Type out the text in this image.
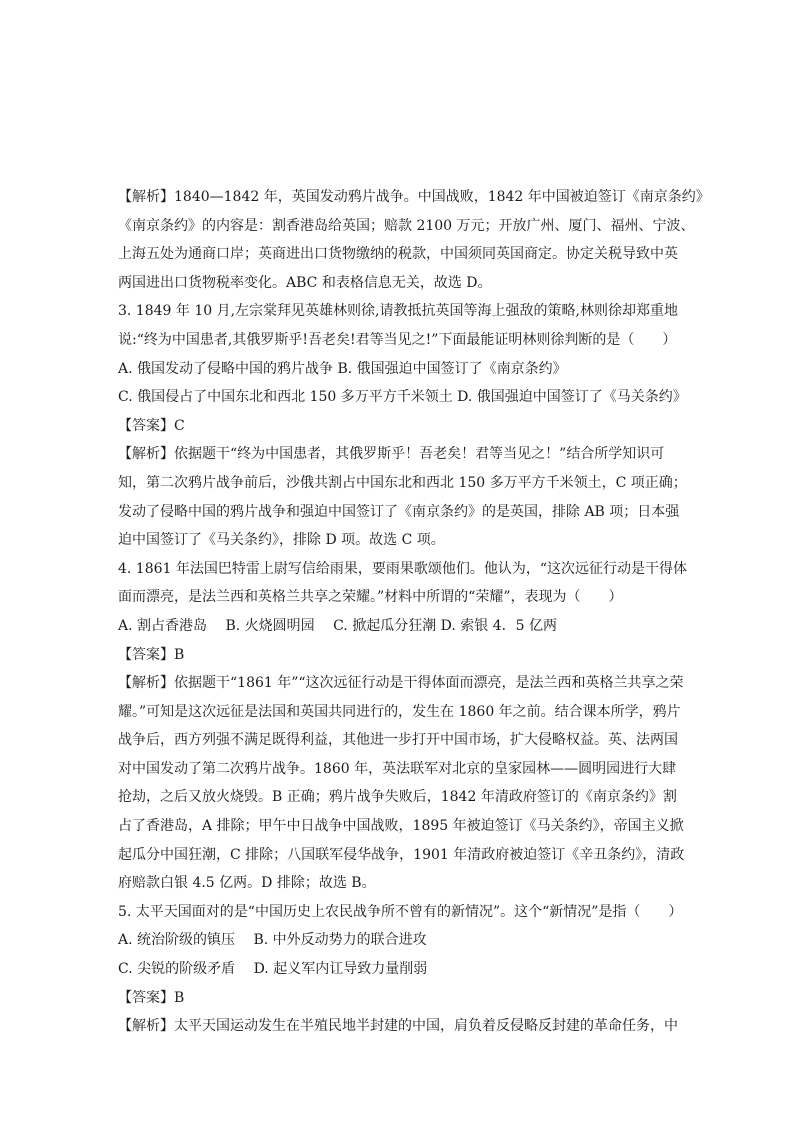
【解析】1840—1842 年，英国发动鸦片战争。中国战败，1842 年中国被迫签订《南京条约》
《南京条约》的内容是：割香港岛给英国；赔款 2100 万元；开放广州、厦门、福州、宁波、
上海五处为通商口岸；英商进出口货物缴纳的税款，中国须同英国商定。协定关税导致中英
两国进出口货物税率变化。ABC 和表格信息无关，故选 D。
3. 1849 年 10 月,左宗棠拜见英雄林则徐,请教抵抗英国等海上强敌的策略,林则徐却郑重地
说:“终为中国患者,其俄罗斯乎!吾老矣!君等当见之!”下面最能证明林则徐判断的是（　　）
A. 俄国发动了侵略中国的鸦片战争 B. 俄国强迫中国签订了《南京条约》
C. 俄国侵占了中国东北和西北 150 多万平方千米领土 D. 俄国强迫中国签订了《马关条约》
【答案】C
【解析】依据题干“终为中国患者，其俄罗斯乎！吾老矣！君等当见之！”结合所学知识可
知，第二次鸦片战争前后，沙俄共割占中国东北和西北 150 多万平方千米领土，C 项正确；
发动了侵略中国的鸦片战争和强迫中国签订了《南京条约》的是英国，排除 AB 项；日本强
迫中国签订了《马关条约》，排除 D 项。故选 C 项。
4. 1861 年法国巴特雷上尉写信给雨果，要雨果歌颂他们。他认为，“这次远征行动是干得体
面而漂亮，是法兰西和英格兰共享之荣耀。”材料中所谓的“荣耀”，表现为（　　）
A. 割占香港岛　 B. 火烧圆明园　 C. 掀起瓜分狂潮 D. 索银 4．5 亿两
【答案】B
【解析】依据题干“1861 年”“这次远征行动是干得体面而漂亮，是法兰西和英格兰共享之荣
耀。”可知是这次远征是法国和英国共同进行的，发生在 1860 年之前。结合课本所学，鸦片
战争后，西方列强不满足既得利益，其他进一步打开中国市场，扩大侵略权益。英、法两国
对中国发动了第二次鸦片战争。1860 年，英法联军对北京的皇家园林——圆明园进行大肆
抢劫，之后又放火烧毁。B 正确；鸦片战争失败后，1842 年清政府签订的《南京条约》割
占了香港岛，A 排除；甲午中日战争中国战败，1895 年被迫签订《马关条约》，帝国主义掀
起瓜分中国狂潮，C 排除；八国联军侵华战争，1901 年清政府被迫签订《辛丑条约》，清政
府赔款白银 4.5 亿两。D 排除；故选 B。
5. 太平天国面对的是“中国历史上农民战争所不曾有的新情况”。这个“新情况”是指（　　）
A. 统治阶级的镇压　 B. 中外反动势力的联合进攻
C. 尖锐的阶级矛盾　 D. 起义军内讧导致力量削弱
【答案】B
【解析】太平天国运动发生在半殖民地半封建的中国，肩负着反侵略反封建的革命任务，中
